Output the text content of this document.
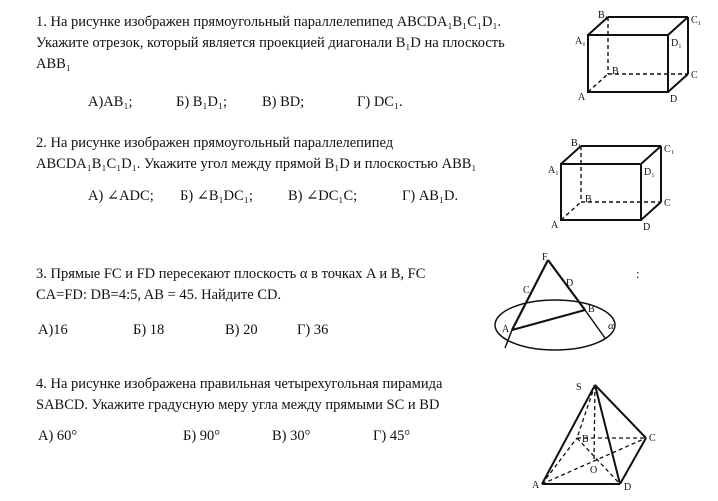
1. На рисунке изображен прямоугольный параллелепипед ABCDA₁B₁C₁D₁.
Укажите отрезок, который является проекцией диагонали B₁D на плоскость
ABB₁
А)AB₁;	Б) B₁D₁; В) BD;	Г) DC₁.
B₁	C₁
A₁	D₁
B	C
A	D
2. На рисунке изображен прямоугольный параллелепипед
ABCDA₁B₁C₁D₁. Укажите угол между прямой B₁D и плоскостью ABB₁
А) ∠ADC; Б) ∠B₁DC₁; В) ∠DC₁C;	Г) AB₁D.
B₁
C₁
A₁	D₁
B	C
A	D
3. Прямые FC и FD пересекают плоскость α в точках A и B, FC
CA=FD: DB=4:5, AB = 45. Найдите CD.
:
А)16	Б) 18	В) 20	Г) 36
F
C
D
A
B
α
4. На рисунке изображена правильная четырехугольная пирамида
SABCD. Укажите градусную меру угла между прямыми SC и BD
А) 60°	Б) 90°	В) 30°	Г) 45°
S
B	C
A
O
D
